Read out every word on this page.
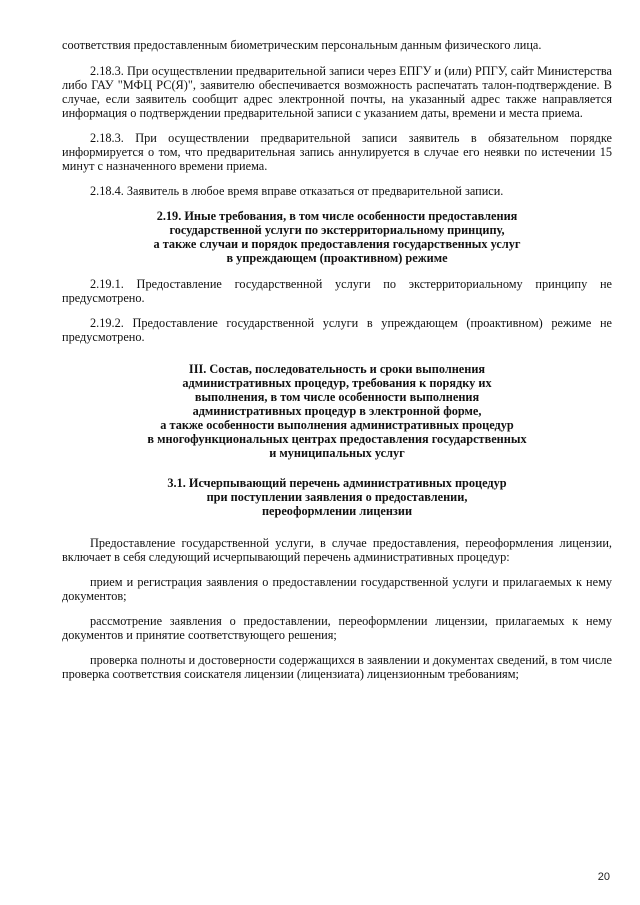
соответствия предоставленным биометрическим персональным данным физического лица.

2.18.3. При осуществлении предварительной записи через ЕПГУ и (или) РПГУ, сайт Министерства либо ГАУ "МФЦ РС(Я)", заявителю обеспечивается возможность распечатать талон-подтверждение. В случае, если заявитель сообщит адрес электронной почты, на указанный адрес также направляется информация о подтверждении предварительной записи с указанием даты, времени и места приема.

2.18.3. При осуществлении предварительной записи заявитель в обязательном порядке информируется о том, что предварительная запись аннулируется в случае его неявки по истечении 15 минут с назначенного времени приема.

2.18.4. Заявитель в любое время вправе отказаться от предварительной записи.

2.19. Иные требования, в том числе особенности предоставления
государственной услуги по экстерриториальному принципу,
а также случаи и порядок предоставления государственных услуг
в упреждающем (проактивном) режиме

2.19.1. Предоставление государственной услуги по экстерриториальному принципу не предусмотрено.

2.19.2. Предоставление государственной услуги в упреждающем (проактивном) режиме не предусмотрено.

III. Состав, последовательность и сроки выполнения
административных процедур, требования к порядку их
выполнения, в том числе особенности выполнения
административных процедур в электронной форме,
а также особенности выполнения административных процедур
в многофункциональных центрах предоставления государственных
и муниципальных услуг
3.1. Исчерпывающий перечень административных процедур
при поступлении заявления о предоставлении,
переоформлении лицензии

Предоставление государственной услуги, в случае предоставления, переоформления лицензии, включает в себя следующий исчерпывающий перечень административных процедур:

прием и регистрация заявления о предоставлении государственной услуги и прилагаемых к нему документов;

рассмотрение заявления о предоставлении, переоформлении лицензии, прилагаемых к нему документов и принятие соответствующего решения;

проверка полноты и достоверности содержащихся в заявлении и документах сведений, в том числе проверка соответствия соискателя лицензии (лицензиата) лицензионным требованиям;

20
